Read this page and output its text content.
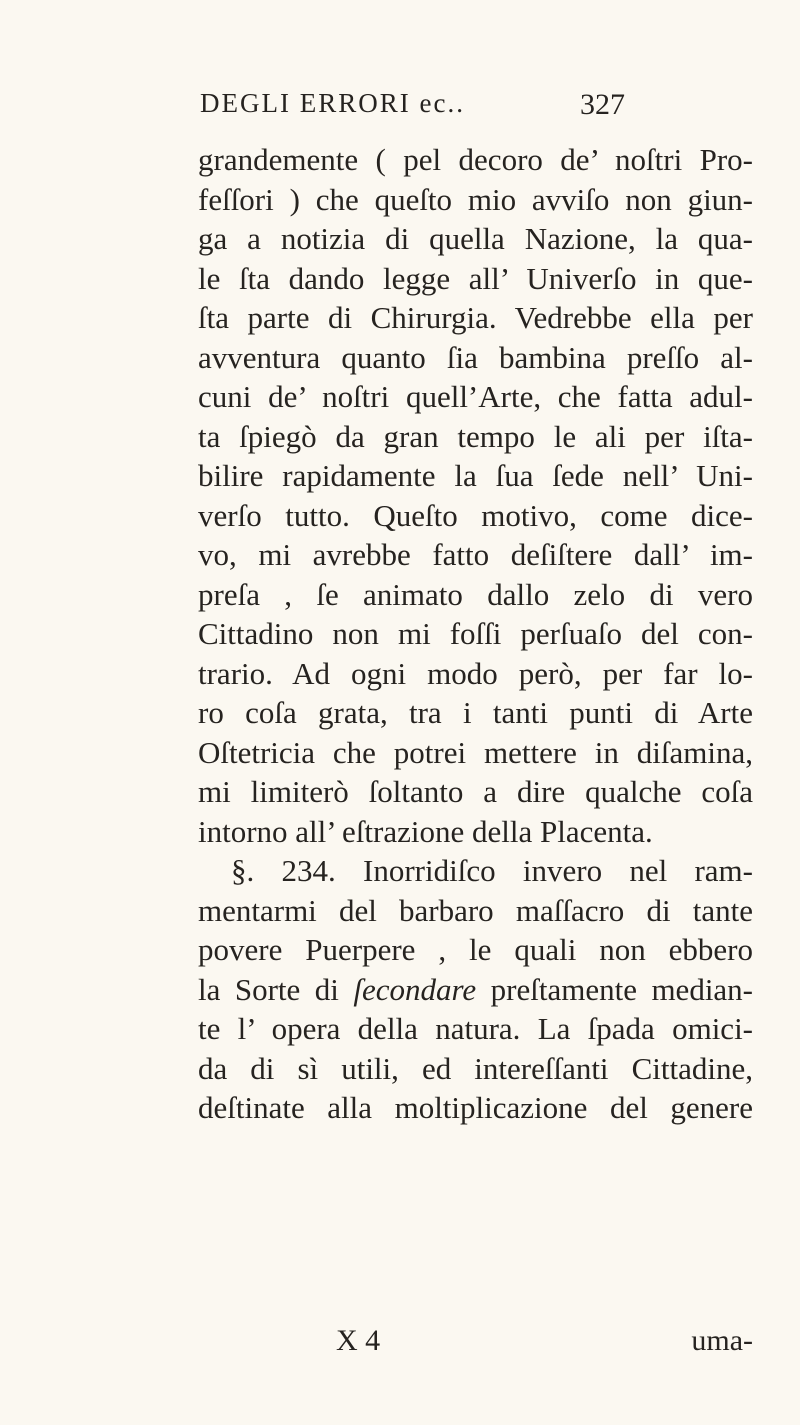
DEGLI ERRORI ec..	327
grandemente ( pel decoro de’ noſtri Pro-
feſſori ) che queſto mio avviſo non giun-
ga a notizia di quella Nazione, la qua-
le ſta dando legge all’ Univerſo in que-
ſta parte di Chirurgia. Vedrebbe ella per
avventura quanto ſia bambina preſſo al-
cuni de’ noſtri quell’Arte, che fatta adul-
ta ſpiegò da gran tempo le ali per iſta-
bilire rapidamente la ſua ſede nell’ Uni-
verſo tutto. Queſto motivo, come dice-
vo, mi avrebbe fatto deſiſtere dall’ im-
preſa , ſe animato dallo zelo di vero
Cittadino non mi foſſi perſuaſo del con-
trario. Ad ogni modo però, per far lo-
ro coſa grata, tra i tanti punti di Arte
Oſtetricia che potrei mettere in diſamina,
mi limiterò ſoltanto a dire qualche coſa
intorno all’ eſtrazione della Placenta.
§. 234. Inorridiſco invero nel ram-
mentarmi del barbaro maſſacro di tante
povere Puerpere , le quali non ebbero
la Sorte di ſecondare preſtamente median-
te l’ opera della natura. La ſpada omici-
da di sì utili, ed intereſſanti Cittadine,
deſtinate alla moltiplicazione del genere
X 4	uma-
